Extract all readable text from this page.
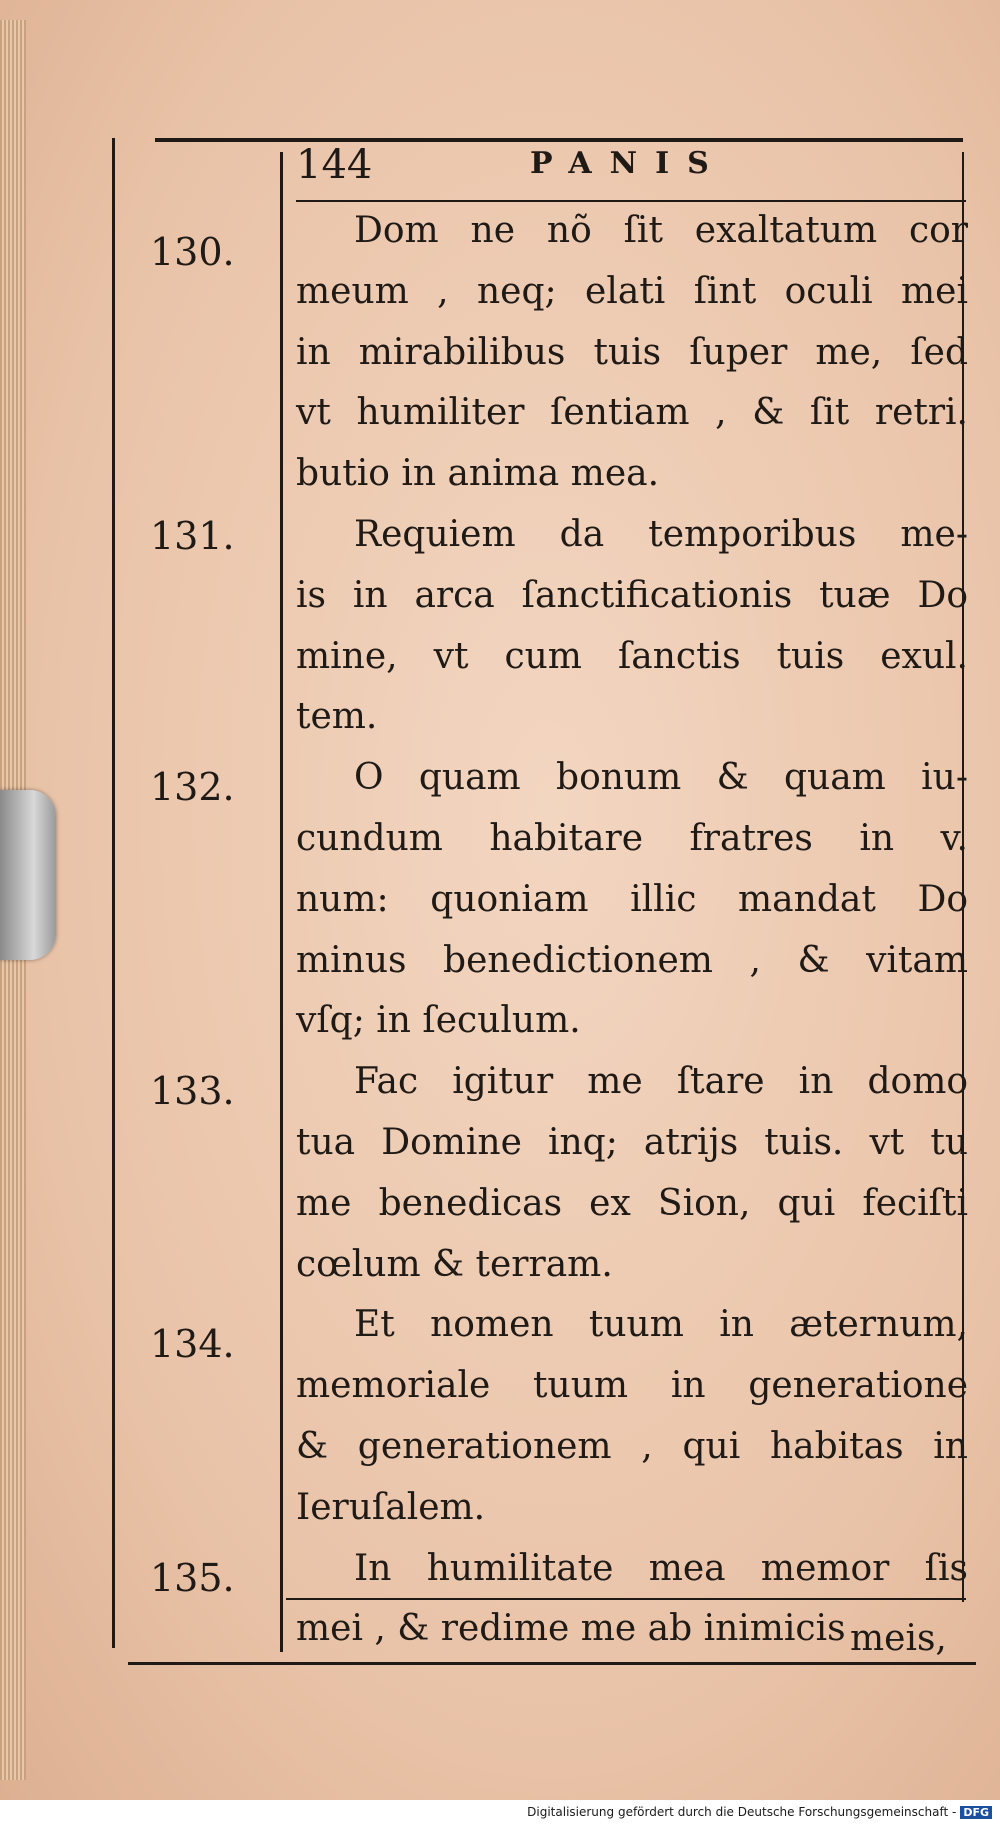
144	PANIS
130.	Dom ne nõ ſit exaltatum cor
meum , neq; elati ſint oculi mei
in mirabilibus tuis ſuper me, ſed
vt humiliter ſentiam , & ſit retri.
butio in anima mea.
131.	Requiem da temporibus me-
is in arca ſanctificationis tuæ Do
mine, vt cum ſanctis tuis exul.
tem.
132.	O quam bonum & quam iu-
cundum habitare fratres in v.
num: quoniam illic mandat Do
minus benedictionem , & vitam
vſq; in ſeculum.
133.	Fac igitur me ſtare in domo
tua Domine inq; atrijs tuis. vt tu
me benedicas ex Sion, qui feciſti
cœlum & terram.
134.	Et nomen tuum in æternum,
memoriale tuum in generatione
& generationem , qui habitas in
Ieruſalem.
135.	In humilitate mea memor ſis
mei , & redime me ab inimicis meis,
Digitalisierung gefördert durch die Deutsche Forschungsgemeinschaft - DFG
